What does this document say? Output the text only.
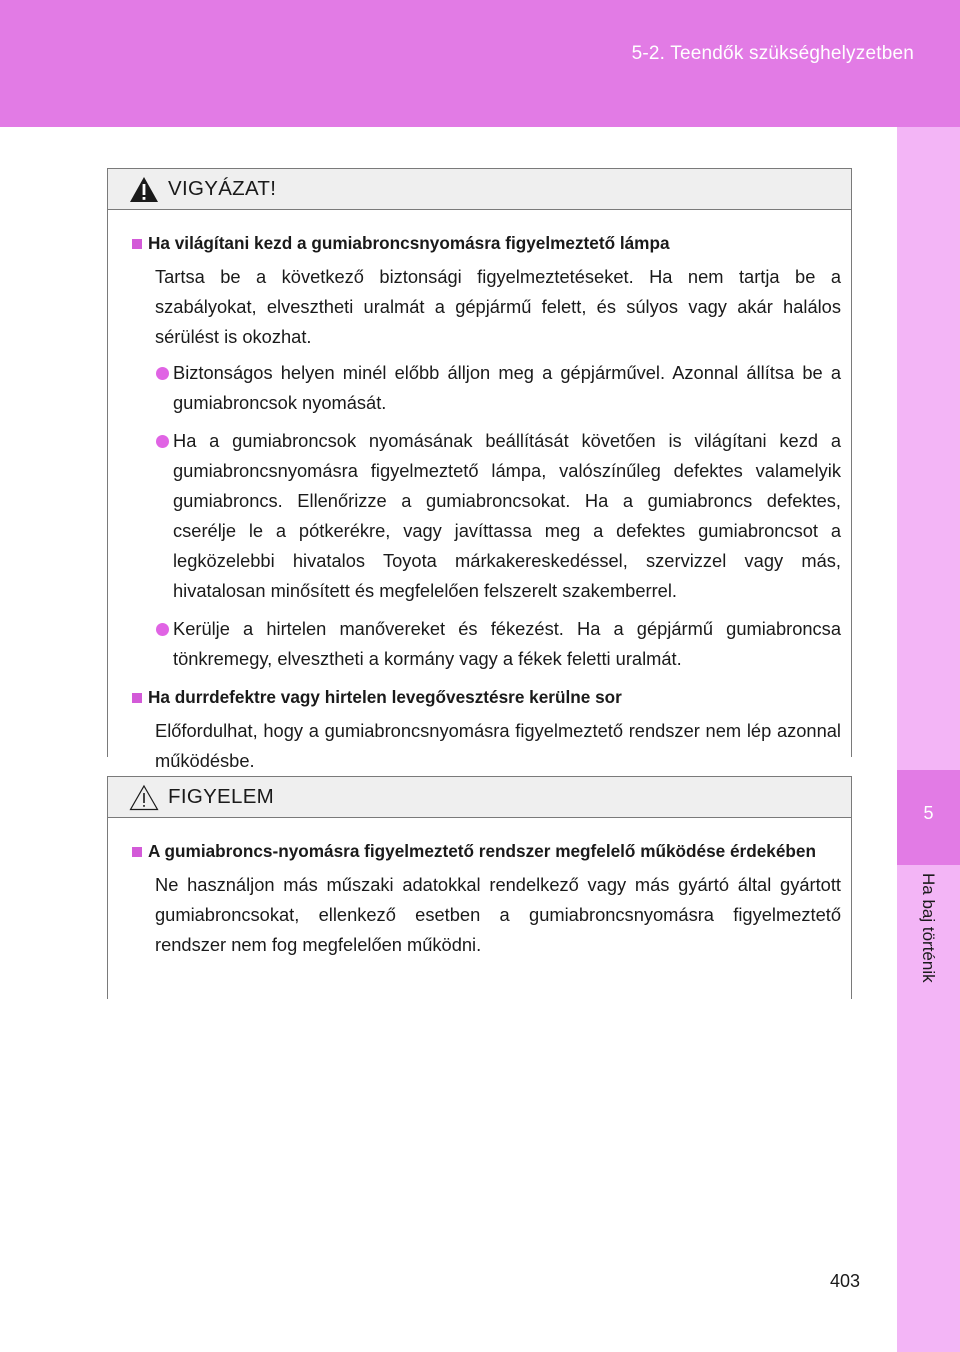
5-2. Teendők szükséghelyzetben
5
Ha baj történik
VIGYÁZAT!
Ha világítani kezd a gumiabroncsnyomásra figyelmeztető lámpa
Tartsa be a következő biztonsági figyelmeztetéseket. Ha nem tartja be a szabályokat, elvesztheti uralmát a gépjármű felett, és súlyos vagy akár halálos sérülést is okozhat.
Biztonságos helyen minél előbb álljon meg a gépjárművel. Azonnal állítsa be a gumiabroncsok nyomását.
Ha a gumiabroncsok nyomásának beállítását követően is világítani kezd a gumiabroncsnyomásra figyelmeztető lámpa, valószínűleg defektes valamelyik gumiabroncs. Ellenőrizze a gumiabroncsokat. Ha a gumiabroncs defektes, cserélje le a pótkerékre, vagy javíttassa meg a defektes gumiabroncsot a legközelebbi hivatalos Toyota márkakereskedéssel, szervizzel vagy más, hivatalosan minősített és megfelelően felszerelt szakemberrel.
Kerülje a hirtelen manővereket és fékezést. Ha a gépjármű gumiabroncsa tönkremegy, elvesztheti a kormány vagy a fékek feletti uralmát.
Ha durrdefektre vagy hirtelen levegővesztésre kerülne sor
Előfordulhat, hogy a gumiabroncsnyomásra figyelmeztető rendszer nem lép azonnal működésbe.
FIGYELEM
A gumiabroncs-nyomásra figyelmeztető rendszer megfelelő működése érdekében
Ne használjon más műszaki adatokkal rendelkező vagy más gyártó által gyártott gumiabroncsokat, ellenkező esetben a gumiabroncsnyomásra figyelmeztető rendszer nem fog megfelelően működni.
403
